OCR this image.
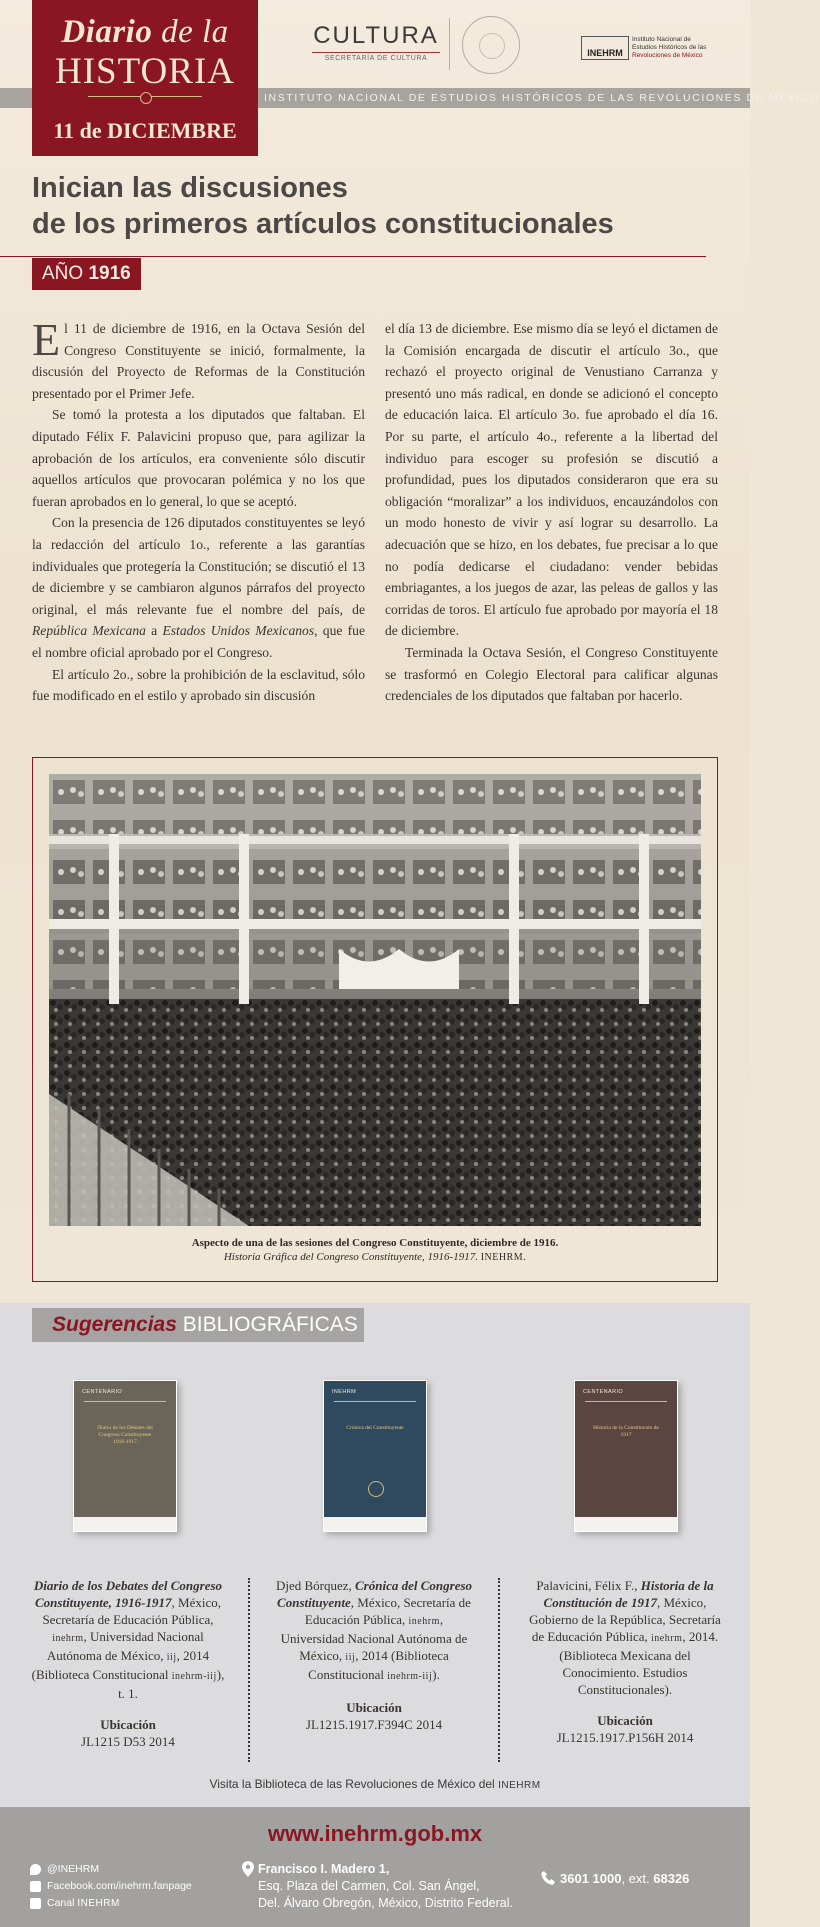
Diario de la
HISTORIA
11 de DICIEMBRE
INSTITUTO NACIONAL DE ESTUDIOS HISTÓRICOS DE LAS REVOLUCIONES DE MÉXICO
CULTURA
SECRETARÍA DE CULTURA
INEHRM
Instituto Nacional de
Estudios Históricos de las
Revoluciones de México
Inician las discusiones
de los primeros artículos constitucionales
AÑO 1916

El 11 de diciembre de 1916, en la Octava Sesión del Congreso Constituyente se inició, formalmente, la discusión del Proyecto de Reformas de la Constitución presentado por el Primer Jefe.

Se tomó la protesta a los diputados que faltaban. El diputado Félix F. Palavicini propuso que, para agilizar la aprobación de los artículos, era conveniente sólo discutir aquellos artículos que provocaran polémica y no los que fueran aprobados en lo general, lo que se aceptó.

Con la presencia de 126 diputados constituyentes se leyó la redacción del artículo 1o., referente a las garantías individuales que protegería la Constitución; se discutió el 13 de diciembre y se cambiaron algunos párrafos del proyecto original, el más relevante fue el nombre del país, de República Mexicana a Estados Unidos Mexicanos, que fue el nombre oficial aprobado por el Congreso.

El artículo 2o., sobre la prohibición de la esclavitud, sólo fue modificado en el estilo y aprobado sin discusión

el día 13 de diciembre. Ese mismo día se leyó el dictamen de la Comisión encargada de discutir el artículo 3o., que rechazó el proyecto original de Venustiano Carranza y presentó uno más radical, en donde se adicionó el concepto de educación laica. El artículo 3o. fue aprobado el día 16. Por su parte, el artículo 4o., referente a la libertad del individuo para escoger su profesión se discutió a profundidad, pues los diputados consideraron que era su obligación “moralizar” a los individuos, encauzándolos con un modo honesto de vivir y así lograr su desarrollo. La adecuación que se hizo, en los debates, fue precisar a lo que no podía dedicarse el ciudadano: vender bebidas embriagantes, a los juegos de azar, las peleas de gallos y las corridas de toros. El artículo fue aprobado por mayoría el 18 de diciembre.

Terminada la Octava Sesión, el Congreso Constituyente se trasformó en Colegio Electoral para calificar algunas credenciales de los diputados que faltaban por hacerlo.

Aspecto de una de las sesiones del Congreso Constituyente, diciembre de 1916.
Historia Gráfica del Congreso Constituyente, 1916-1917. INEHRM.
Sugerencias BIBLIOGRÁFICAS
CENTENARIO
Diario de los Debates del Congreso Constituyente 1916-1917
INEHRM
Crónica del Constituyente
CENTENARIO
Historia de la Constitución de 1917
Diario de los Debates del Congreso Constituyente, 1916-1917, México, Secretaría de Educación Pública, inehrm, Universidad Nacional Autónoma de México, iij, 2014 (Biblioteca Constitucional inehrm-iij), t. 1.
Ubicación
JL1215 D53 2014
Djed Bórquez, Crónica del Congreso Constituyente, México, Secretaría de Educación Pública, inehrm, Universidad Nacional Autónoma de México, iij, 2014 (Biblioteca Constitucional inehrm-iij).
Ubicación
JL1215.1917.F394C 2014
Palavicini, Félix F., Historia de la Constitución de 1917, México, Gobierno de la República, Secretaría de Educación Pública, inehrm, 2014. (Biblioteca Mexicana del Conocimiento. Estudios Constitucionales).
Ubicación
JL1215.1917.P156H 2014
Visita la Biblioteca de las Revoluciones de México del INEHRM
www.inehrm.gob.mx
@INEHRM
Facebook.com/inehrm.fanpage
Canal
INEHRM
Francisco I. Madero 1,
Esq. Plaza del Carmen, Col. San Ángel,
Del. Álvaro Obregón, México, Distrito Federal.
3601 1000, ext. 68326
